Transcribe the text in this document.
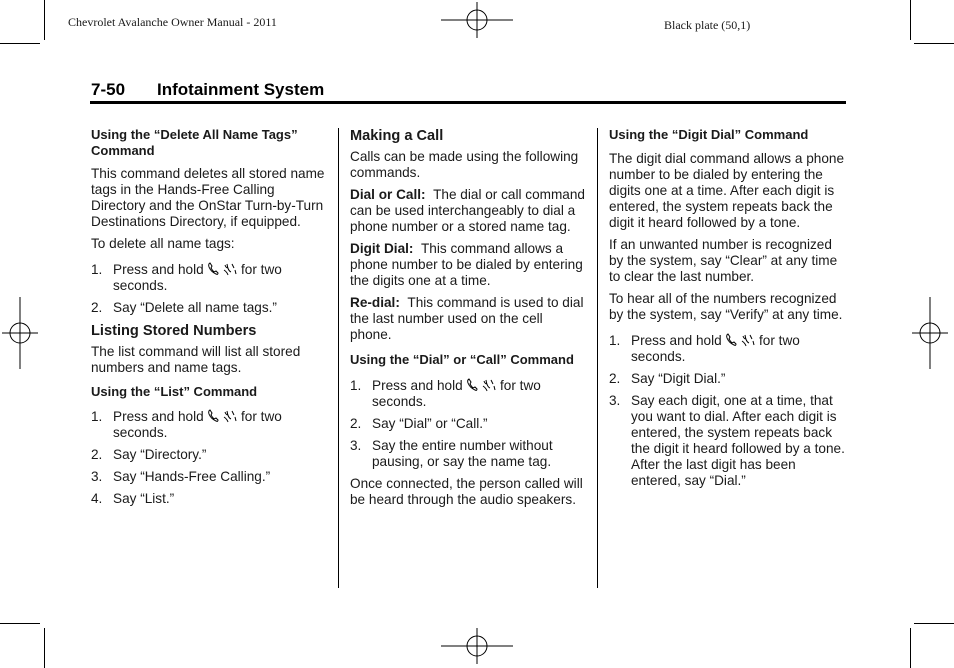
Chevrolet Avalanche Owner Manual - 2011	Black plate (50,1)
7-50 Infotainment System
Using the “Delete All Name Tags” Command

This command deletes all stored name tags in the Hands-Free Calling Directory and the OnStar Turn-by-Turn Destinations Directory, if equipped.

To delete all name tags:

1. Press and hold	for two seconds.
2. Say “Delete all name tags.”
Listing Stored Numbers

The list command will list all stored numbers and name tags.

Using the “List” Command
1. Press and hold	for two seconds.
2. Say “Directory.”
3. Say “Hands-Free Calling.”
4. Say “List.”
Making a Call

Calls can be made using the following commands.

Dial or Call: The dial or call command can be used interchangeably to dial a phone number or a stored name tag.

Digit Dial: This command allows a phone number to be dialed by entering the digits one at a time.

Re-dial: This command is used to dial the last number used on the cell phone.

Using the “Dial” or “Call” Command
1. Press and hold	for two seconds.
2. Say “Dial” or “Call.”
3. Say the entire number without pausing, or say the name tag.

Once connected, the person called will be heard through the audio speakers.

Using the “Digit Dial” Command

The digit dial command allows a phone number to be dialed by entering the digits one at a time. After each digit is entered, the system repeats back the digit it heard followed by a tone.

If an unwanted number is recognized by the system, say “Clear” at any time to clear the last number.

To hear all of the numbers recognized by the system, say “Verify” at any time.

1. Press and hold	for two seconds.
2. Say “Digit Dial.”
3. Say each digit, one at a time, that you want to dial. After each digit is entered, the system repeats back the digit it heard followed by a tone. After the last digit has been entered, say “Dial.”
